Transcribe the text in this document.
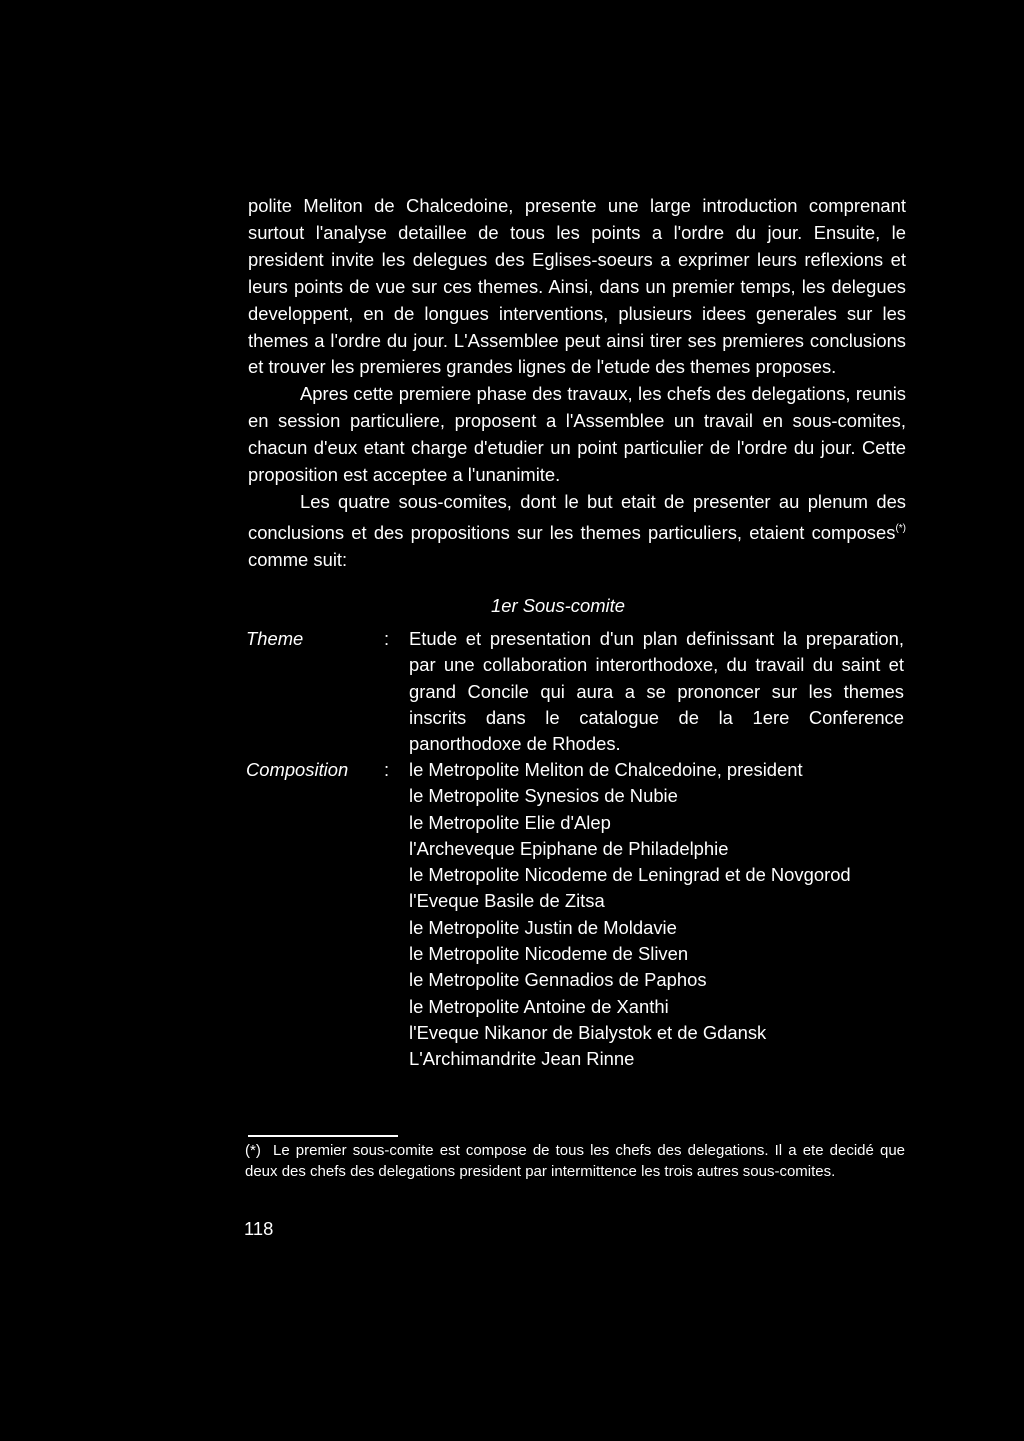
polite Meliton de Chalcedoine, presente une large introduction comprenant surtout l'analyse detaillee de tous les points a l'ordre du jour. Ensuite, le president invite les delegues des Eglises-soeurs a exprimer leurs reflexions et leurs points de vue sur ces themes. Ainsi, dans un premier temps, les delegues developpent, en de longues interventions, plusieurs idees generales sur les themes a l'ordre du jour. L'Assemblee peut ainsi tirer ses premieres conclusions et trouver les premieres grandes lignes de l'etude des themes proposes.

Apres cette premiere phase des travaux, les chefs des delegations, reunis en session particuliere, proposent a l'Assemblee un travail en sous-comites, chacun d'eux etant charge d'etudier un point particulier de l'ordre du jour. Cette proposition est acceptee a l'unanimite.

Les quatre sous-comites, dont le but etait de presenter au plenum des conclusions et des propositions sur les themes particuliers, etaient composes(*) comme suit:

1er Sous-comite
Theme	: Etude et presentation d'un plan definissant la preparation, par une collaboration interorthodoxe, du travail du saint et grand Concile qui aura a se prononcer sur les themes inscrits dans le catalogue de la 1ere Conference panorthodoxe de Rhodes.

Composition : le Metropolite Meliton de Chalcedoine, president
le Metropolite Synesios de Nubie
le Metropolite Elie d'Alep
l'Archeveque Epiphane de Philadelphie
le Metropolite Nicodeme de Leningrad et de Novgorod
l'Eveque Basile de Zitsa
le Metropolite Justin de Moldavie
le Metropolite Nicodeme de Sliven
le Metropolite Gennadios de Paphos
le Metropolite Antoine de Xanthi
l'Eveque Nikanor de Bialystok et de Gdansk
L'Archimandrite Jean Rinne

(*) Le premier sous-comite est compose de tous les chefs des delegations. Il a ete decidé que deux des chefs des delegations president par intermittence les trois autres sous-comites.

118
